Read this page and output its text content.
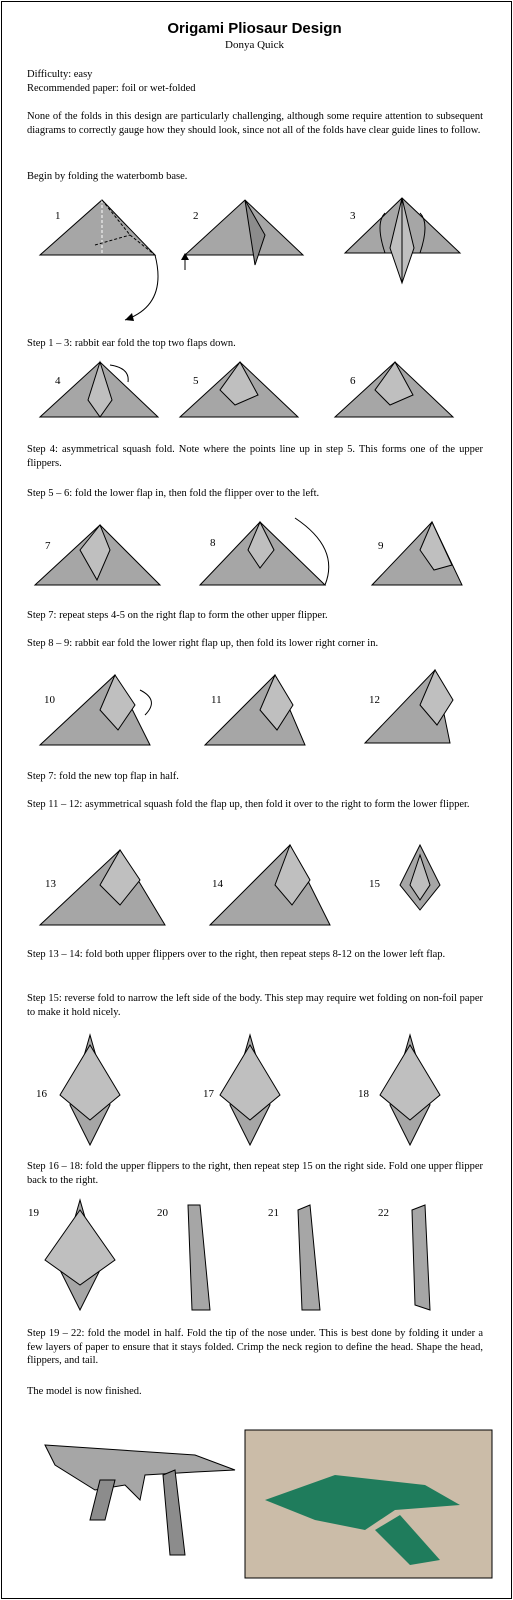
Origami Pliosaur Design
Donya Quick
Difficulty: easy
Recommended paper: foil or wet-folded
None of the folds in this design are particularly challenging, although some require attention to subsequent diagrams to correctly gauge how they should look, since not all of the folds have clear guide lines to follow.
Begin by folding the waterbomb base.
1	2	3
Step 1 – 3: rabbit ear fold the top two flaps down.
4	5	6
Step 4: asymmetrical squash fold. Note where the points line up in step 5. This forms one of the upper flippers.
Step 5 – 6: fold the lower flap in, then fold the flipper over to the left.
7	8	9
Step 7: repeat steps 4-5 on the right flap to form the other upper flipper.
Step 8 – 9: rabbit ear fold the lower right flap up, then fold its lower right corner in.
10	11	12
Step 7: fold the new top flap in half.
Step 11 – 12: asymmetrical squash fold the flap up, then fold it over to the right to form the lower flipper.
13	14	15
Step 13 – 14: fold both upper flippers over to the right, then repeat steps 8-12 on the lower left flap.
Step 15: reverse fold to narrow the left side of the body. This step may require wet folding on non-foil paper to make it hold nicely.
16	17	18
Step 16 – 18: fold the upper flippers to the right, then repeat step 15 on the right side. Fold one upper flipper back to the right.
19	20	21	22
Step 19 – 22: fold the model in half. Fold the tip of the nose under. This is best done by folding it under a few layers of paper to ensure that it stays folded. Crimp the neck region to define the head. Shape the head, flippers, and tail.
The model is now finished.
